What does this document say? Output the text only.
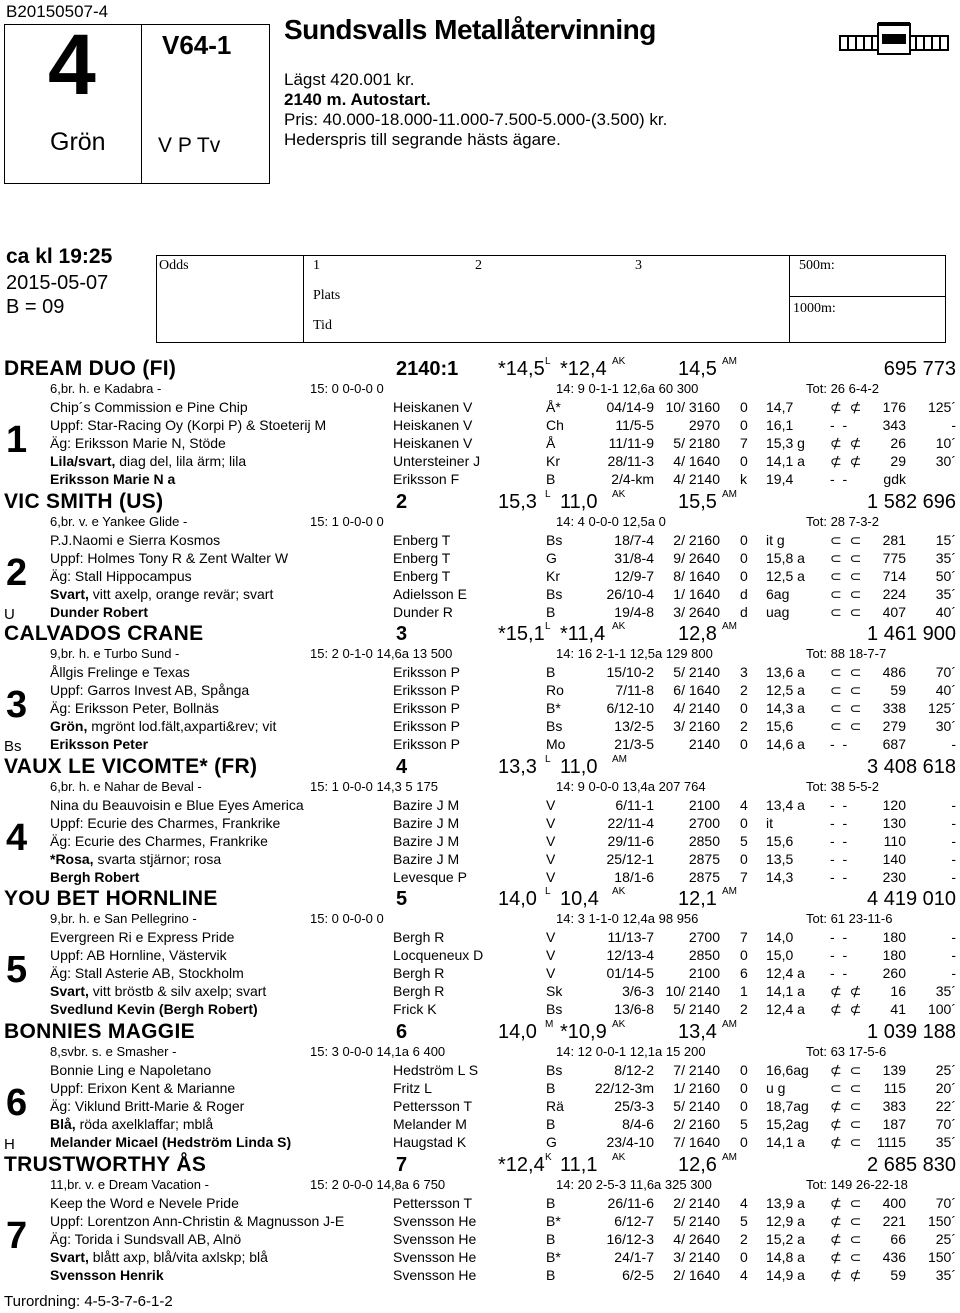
B20150507-4
4
Grön
V64-1
V P Tv
Sundsvalls Metallåtervinning
Lägst 420.001 kr.
2140 m. Autostart.
Pris: 40.000-18.000-11.000-7.500-5.000-(3.500) kr.
Hederspris till segrande hästs ägare.
ca kl 19:25
2015-05-07
B = 09
Odds	1	2	3	500m:
Plats
1000m:
Tid
DREAM DUO (FI)	2140:1 *14,5 L *12,4 AK	14,5 AM	695 773
6,br. h. e Kadabra -	15: 0 0-0-0 0	14: 9 0-1-1 12,6a 60 300	Tot: 26 6-4-2
1
Chip´s Commission e Pine Chip	Heiskanen V	Å*	04/14-9 10/ 3160 0 14,7	⊄ ⊄ 176 125´
Uppf: Star-Racing Oy (Korpi P) & Stoeterij M	Heiskanen V	Ch	11/5-5 2970 0 16,1	- - 343	-
Äg: Eriksson Marie N, Stöde	Heiskanen V	Å	11/11-9 5/ 2180 7 15,3 g ⊄ ⊄ 26 10´
Lila/svart, diag del, lila ärm; lila	Untersteiner J	Kr	28/11-3 4/ 1640 0 14,1 a ⊄ ⊄ 29 30´
Eriksson Marie N a	Eriksson F	B	2/4-km 4/ 2140 k 19,4	- - gdk
VIC SMITH (US)	2	15,3 L 11,0 AK	15,5 AM	1 582 696
6,br. v. e Yankee Glide -	15: 1 0-0-0 0	14: 4 0-0-0 12,5a 0	Tot: 28 7-3-2
2
U
P.J.Naomi e Sierra Kosmos	Enberg T	Bs	18/7-4 2/ 2160 0 it g	⊂ ⊂ 281 15´
Uppf: Holmes Tony R & Zent Walter W	Enberg T	G	31/8-4 9/ 2640 0 15,8 a ⊂ ⊂ 775 35´
Äg: Stall Hippocampus	Enberg T	Kr	12/9-7 8/ 1640 0 12,5 a ⊂ ⊂ 714 50´
Svart, vitt axelp, orange revär; svart	Adielsson E	Bs	26/10-4 1/ 1640 d 6ag	⊂ ⊂ 224 35´
Dunder Robert	Dunder R	B	19/4-8 3/ 2640 d uag	⊂ ⊂ 407 40´
CALVADOS CRANE	3	*15,1 L *11,4 AK	12,8 AM	1 461 900
9,br. h. e Turbo Sund -	15: 2 0-1-0 14,6a 13 500	14: 16 2-1-1 12,5a 129 800	Tot: 88 18-7-7
3
Bs
Ållgis Frelinge e Texas	Eriksson P	B	15/10-2 5/ 2140 3 13,6 a ⊂ ⊂ 486 70´
Uppf: Garros Invest AB, Spånga	Eriksson P	Ro	7/11-8 6/ 1640 2 12,5 a ⊂ ⊂ 59 40´
Äg: Eriksson Peter, Bollnäs	Eriksson P	B*	6/12-10 4/ 2140 0 14,3 a ⊂ ⊂ 338 125´
Grön, mgrönt lod.fält,axparti&rev; vit	Eriksson P	Bs	13/2-5 3/ 2160 2 15,6	⊂ ⊂ 279 30´
Eriksson Peter	Eriksson P	Mo	21/3-5 2140 0 14,6 a - - 687	-
VAUX LE VICOMTE* (FR)	4	13,3 L 11,0 AM	3 408 618
6,br. h. e Nahar de Beval -	15: 1 0-0-0 14,3 5 175	14: 9 0-0-0 13,4a 207 764	Tot: 38 5-5-2
4
Nina du Beauvoisin e Blue Eyes America	Bazire J M	V	6/11-1 2100 4 13,4 a - - 120	-
Uppf: Ecurie des Charmes, Frankrike	Bazire J M	V	22/11-4 2700 0 it	- - 130	-
Äg: Ecurie des Charmes, Frankrike	Bazire J M	V	29/11-6 2850 5 15,6	- - 110	-
*Rosa, svarta stjärnor; rosa	Bazire J M	V	25/12-1 2875 0 13,5	- - 140	-
Bergh Robert	Levesque P	V	18/1-6 2875 7 14,3	- - 230	-
YOU BET HORNLINE	5	14,0 L 10,4 AK	12,1 AM	4 419 010
9,br. h. e San Pellegrino -	15: 0 0-0-0 0	14: 3 1-1-0 12,4a 98 956	Tot: 61 23-11-6
5
Evergreen Ri e Express Pride	Bergh R	V	11/13-7 2700 7 14,0	- - 180	-
Uppf: AB Hornline, Västervik	Locqueneux D	V	12/13-4 2850 0 15,0	- - 180	-
Äg: Stall Asterie AB, Stockholm	Bergh R	V	01/14-5 2100 6 12,4 a - - 260	-
Svart, vitt bröstb & silv axelp; svart	Bergh R	Sk	3/6-3 10/ 2140 1 14,1 a ⊄ ⊄ 16 35´
Svedlund Kevin (Bergh Robert)	Frick K	Bs	13/6-8 5/ 2140 2 12,4 a ⊄ ⊄ 41 100´
BONNIES MAGGIE	6	14,0 M *10,9 AK	13,4 AM	1 039 188
8,svbr. s. e Smasher -	15: 3 0-0-0 14,1a 6 400	14: 12 0-0-1 12,1a 15 200	Tot: 63 17-5-6
6
H
Bonnie Ling e Napoletano	Hedström L S	Bs	8/12-2 7/ 2140 0 16,6ag ⊄ ⊂ 139 25´
Uppf: Erixon Kent & Marianne	Fritz L	B	22/12-3m 1/ 2160 0 u g	⊂ ⊂ 115 20´
Äg: Viklund Britt-Marie & Roger	Pettersson T	Rä	25/3-3 5/ 2140 0 18,7ag ⊄ ⊂ 383 22´
Blå, röda axelklaffar; mblå	Melander M	B	8/4-6 2/ 2160 5 15,2ag ⊄ ⊂ 187 70´
Melander Micael (Hedström Linda S)	Haugstad K	G	23/4-10 7/ 1640 0 14,1 a ⊄ ⊂ 1115 35´
TRUSTWORTHY ÅS	7	*12,4 K 11,1 AK	12,6 AM	2 685 830
11,br. v. e Dream Vacation -	15: 2 0-0-0 14,8a 6 750	14: 20 2-5-3 11,6a 325 300	Tot: 149 26-22-18
7
Keep the Word e Nevele Pride	Pettersson T	B	26/11-6 2/ 2140 4 13,9 a ⊄ ⊂ 400 70´
Uppf: Lorentzon Ann-Christin & Magnusson J-E	Svensson He	B*	6/12-7 5/ 2140 5 12,9 a ⊄ ⊂ 221 150´
Äg: Torida i Sundsvall AB, Alnö	Svensson He	B	16/12-3 4/ 2640 2 15,2 a ⊄ ⊂ 66 25´
Svart, blått axp, blå/vita axlskp; blå	Svensson He	B*	24/1-7 3/ 2140 0 14,8 a ⊄ ⊂ 436 150´
Svensson Henrik	Svensson He	B	6/2-5 2/ 1640 4 14,9 a ⊄ ⊄ 59 35´
Turordning: 4-5-3-7-6-1-2
